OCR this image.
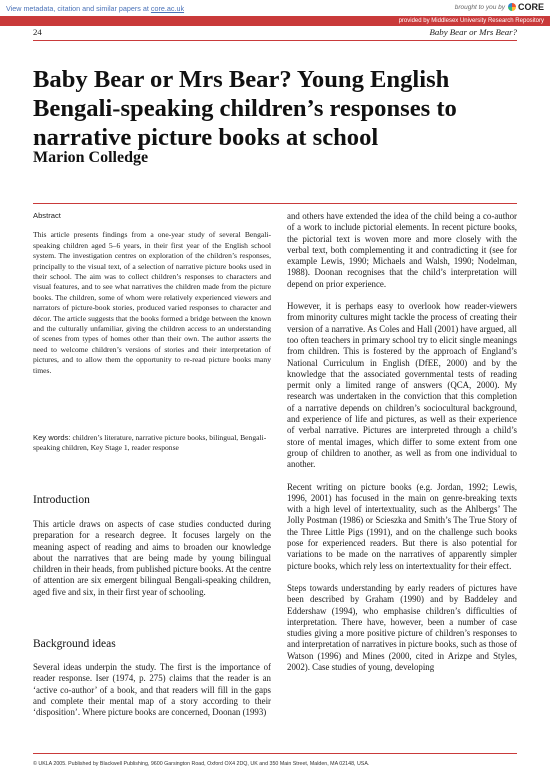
View metadata, citation and similar papers at core.ac.uk	brought to you by CORE
provided by Middlesex University Research Repository
24	Baby Bear or Mrs Bear?
Baby Bear or Mrs Bear? Young English Bengali-speaking children’s responses to narrative picture books at school
Marion Colledge
Abstract

This article presents findings from a one-year study of several Bengali-speaking children aged 5–6 years, in their first year of the English school system. The investigation centres on exploration of the children’s responses, principally to the visual text, of a selection of narrative picture books used in their school. The aim was to collect children’s responses to characters and visual features, and to see what narratives the children made from the picture books. The children, some of whom were relatively experienced viewers and narrators of picture-book stories, produced varied responses to character and décor. The article suggests that the books formed a bridge between the known and the culturally unfamiliar, giving the children access to an understanding of scenes from types of homes other than their own. The author asserts the need to welcome children’s versions of stories and their interpretation of pictures, and to allow them the opportunity to re-read picture books many times.

Key words: children’s literature, narrative picture books, bilingual, Bengali-speaking children, Key Stage 1, reader response
Introduction

This article draws on aspects of case studies conducted during preparation for a research degree. It focuses largely on the meaning aspect of reading and aims to broaden our knowledge about the narratives that are being made by young bilingual children in their heads, from published picture books. At the centre of attention are six emergent bilingual Bengali-speaking children, aged five and six, in their first year of schooling.

Background ideas

Several ideas underpin the study. The first is the importance of reader response. Iser (1974, p. 275) claims that the reader is an ‘active co-author’ of a book, and that readers will fill in the gaps and complete their mental map of a story according to their ‘disposition’. Where picture books are concerned, Doonan (1993)

and others have extended the idea of the child being a co-author of a work to include pictorial elements. In recent picture books, the pictorial text is woven more and more closely with the verbal text, both complementing it and contradicting it (see for example Lewis, 1990; Michaels and Walsh, 1990; Nodelman, 1988). Doonan recognises that the child’s interpretation will depend on prior experience.

However, it is perhaps easy to overlook how reader-viewers from minority cultures might tackle the process of creating their version of a narrative. As Coles and Hall (2001) have argued, all too often teachers in primary school try to elicit single meanings from children. This is fostered by the approach of England’s National Curriculum in English (DfEE, 2000) and by the knowledge that the associated governmental tests of reading permit only a limited range of answers (QCA, 2000). My research was undertaken in the conviction that this completion of a narrative depends on children’s sociocultural background, and experience of life and pictures, as well as their experience of verbal narrative. Pictures are interpreted through a child’s store of mental images, which differ to some extent from one group of children to another, as well as from one individual to another.

Recent writing on picture books (e.g. Jordan, 1992; Lewis, 1996, 2001) has focused in the main on genre-breaking texts with a high level of intertextuality, such as the Ahlbergs’ The Jolly Postman (1986) or Scieszka and Smith’s The True Story of the Three Little Pigs (1991), and on the challenge such books pose for experienced readers. But there is also potential for variations to be made on the narratives of apparently simpler picture books, which rely less on intertextuality for their effect.

Steps towards understanding by early readers of pictures have been described by Graham (1990) and by Baddeley and Eddershaw (1994), who emphasise children’s difficulties of interpretation. There have, however, been a number of case studies giving a more positive picture of children’s responses to and interpretation of narratives in picture books, such as those of Watson (1996) and Mines (2000, cited in Arizpe and Styles, 2002). Case studies of young, developing

© UKLA 2005. Published by Blackwell Publishing, 9600 Garsington Road, Oxford OX4 2DQ, UK and 350 Main Street, Malden, MA 02148, USA.
